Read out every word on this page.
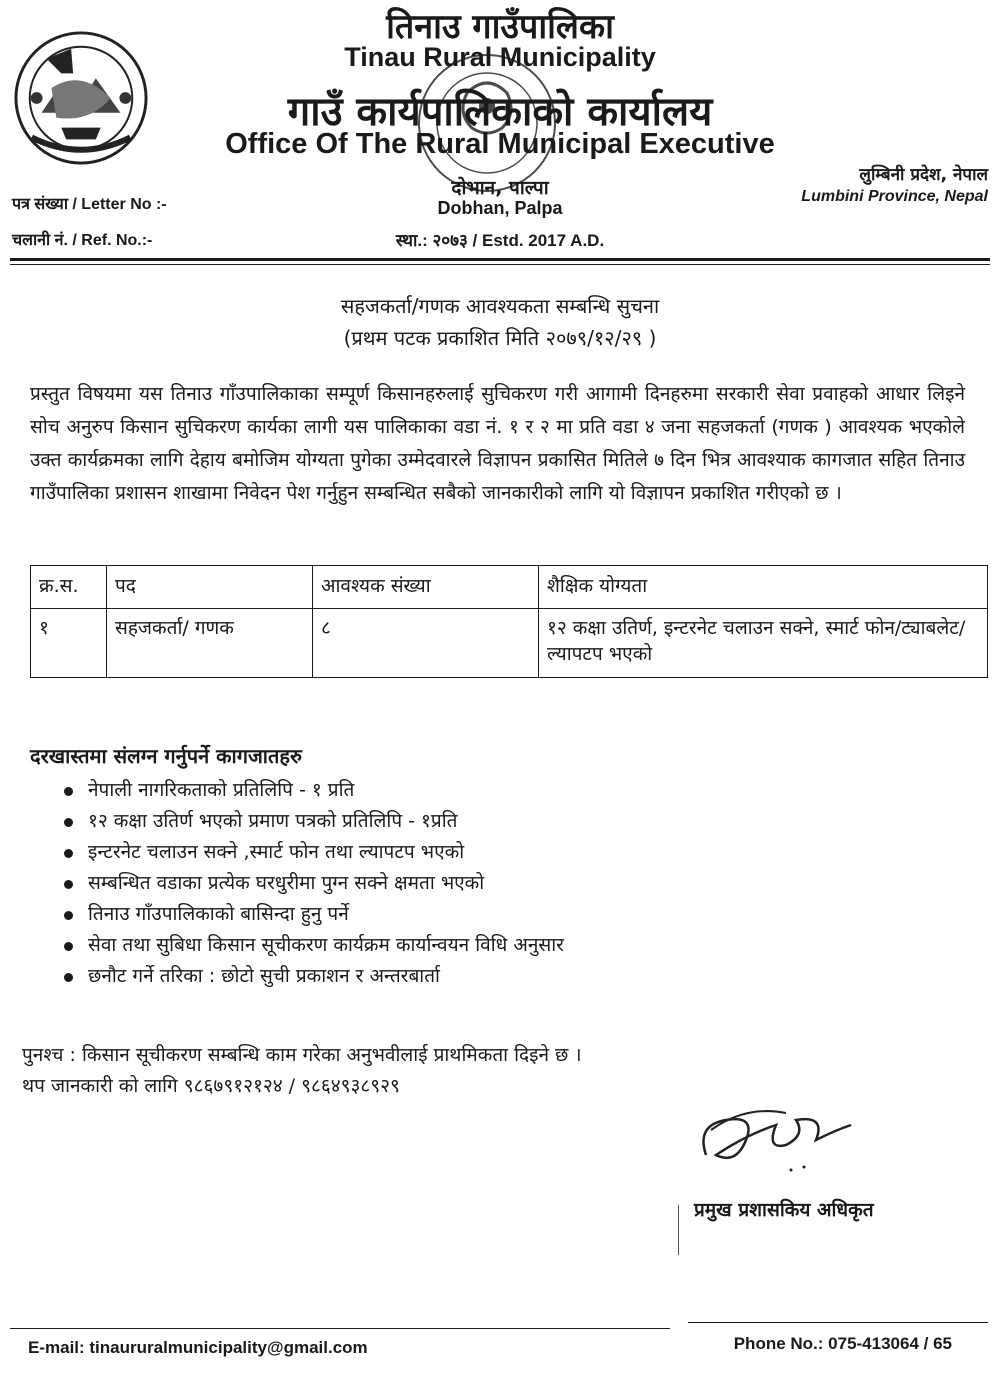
तिनाउ गाउँपालिका
Tinau Rural Municipality
गाउँ कार्यपालिकाको कार्यालय
Office Of The Rural Municipal Executive
दोभान, पाल्पा
Dobhan, Palpa
स्था.: २०७३ / Estd. 2017 A.D.
लुम्बिनी प्रदेश, नेपाल
Lumbini Province, Nepal
पत्र संख्या / Letter No :-
चलानी नं. / Ref. No.:-
सहजकर्ता/गणक आवश्यकता सम्बन्धि सुचना
(प्रथम पटक प्रकाशित मिति २०७९/१२/२९ )
प्रस्तुत विषयमा यस तिनाउ गाँउपालिकाका सम्पूर्ण किसानहरुलाई सुचिकरण गरी आगामी दिनहरुमा सरकारी सेवा प्रवाहको आधार लिइने सोच अनुरुप किसान सुचिकरण कार्यका लागी यस पालिकाका वडा नं. १ र २ मा प्रति वडा ४ जना सहजकर्ता (गणक ) आवश्यक भएकोले उक्त कार्यक्रमका लागि देहाय बमोजिम योग्यता पुगेका उम्मेदवारले विज्ञापन प्रकासित मितिले ७ दिन भित्र आवश्याक कागजात सहित तिनाउ गाउँपालिका प्रशासन शाखामा निवेदन पेश गर्नुहुन सम्बन्धित सबैको जानकारीको लागि यो विज्ञापन प्रकाशित गरीएको छ ।
क्र.स.	पद	आवश्यक संख्या	शैक्षिक योग्यता
१	सहजकर्ता/ गणक	८	१२ कक्षा उतिर्ण, इन्टरनेट चलाउन सक्ने, स्मार्ट फोन/ट्याबलेट/ल्यापटप भएको
दरखास्तमा संलग्न गर्नुपर्ने कागजातहरु
नेपाली नागरिकताको प्रतिलिपि - १ प्रति
१२ कक्षा उतिर्ण भएको प्रमाण पत्रको प्रतिलिपि - १प्रति
इन्टरनेट चलाउन सक्ने ,स्मार्ट फोन तथा ल्यापटप भएको
सम्बन्धित वडाका प्रत्येक घरधुरीमा पुग्न सक्ने क्षमता भएको
तिनाउ गाँउपालिकाको बासिन्दा हुनु पर्ने
सेवा तथा सुबिधा किसान सूचीकरण कार्यक्रम कार्यान्वयन विधि अनुसार
छनौट गर्ने तरिका : छोटो सुची प्रकाशन र अन्तरबार्ता
पुनश्च : किसान सूचीकरण सम्बन्धि काम गरेका अनुभवीलाई प्राथमिकता दिइने छ ।
थप जानकारी को लागि ९८६७९१२१२४ / ९८६४९३८९२९
प्रमुख प्रशासकिय अधिकृत
E-mail: tinaururalmunicipality@gmail.com	Phone No.: 075-413064 / 65
